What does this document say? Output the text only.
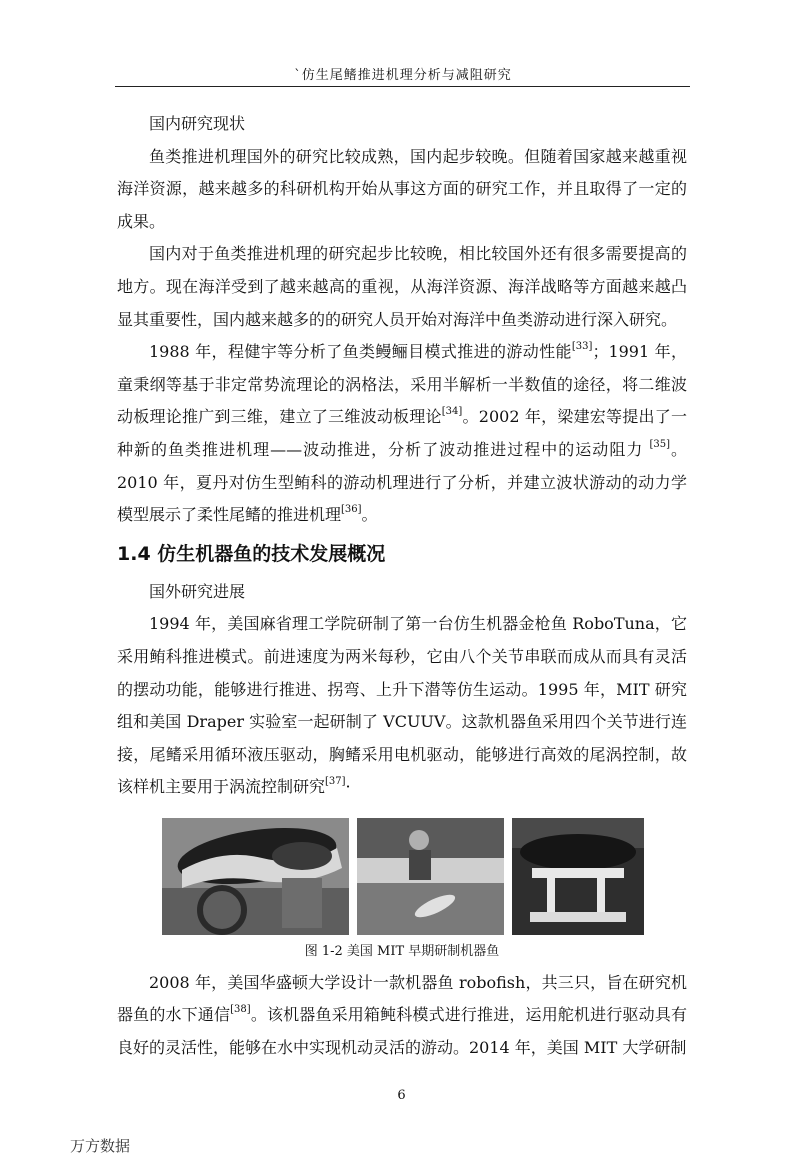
`仿生尾鳍推进机理分析与减阻研究

国内研究现状

鱼类推进机理国外的研究比较成熟，国内起步较晚。但随着国家越来越重视海洋资源，越来越多的科研机构开始从事这方面的研究工作，并且取得了一定的成果。

国内对于鱼类推进机理的研究起步比较晚，相比较国外还有很多需要提高的地方。现在海洋受到了越来越高的重视，从海洋资源、海洋战略等方面越来越凸显其重要性，国内越来越多的的研究人员开始对海洋中鱼类游动进行深入研究。

1988 年，程健宇等分析了鱼类鳗鲡目模式推进的游动性能[33]；1991 年，童秉纲等基于非定常势流理论的涡格法，采用半解析一半数值的途径，将二维波动板理论推广到三维，建立了三维波动板理论[34]。2002 年，梁建宏等提出了一种新的鱼类推进机理——波动推进，分析了波动推进过程中的运动阻力 [35]。2010 年，夏丹对仿生型鲔科的游动机理进行了分析，并建立波状游动的动力学模型展示了柔性尾鳍的推进机理[36]。

1.4 仿生机器鱼的技术发展概况

国外研究进展

1994 年，美国麻省理工学院研制了第一台仿生机器金枪鱼 RoboTuna，它采用鲔科推进模式。前进速度为两米每秒，它由八个关节串联而成从而具有灵活的摆动功能，能够进行推进、拐弯、上升下潜等仿生运动。1995 年，MIT 研究组和美国 Draper 实验室一起研制了 VCUUV。这款机器鱼采用四个关节进行连接，尾鳍采用循环液压驱动，胸鳍采用电机驱动，能够进行高效的尾涡控制，故该样机主要用于涡流控制研究[37]·

图 1-2 美国 MIT 早期研制机器鱼

2008 年，美国华盛顿大学设计一款机器鱼 robofish，共三只，旨在研究机器鱼的水下通信[38]。该机器鱼采用箱鲀科模式进行推进，运用舵机进行驱动具有良好的灵活性，能够在水中实现机动灵活的游动。2014 年，美国 MIT 大学研制

6
万方数据
